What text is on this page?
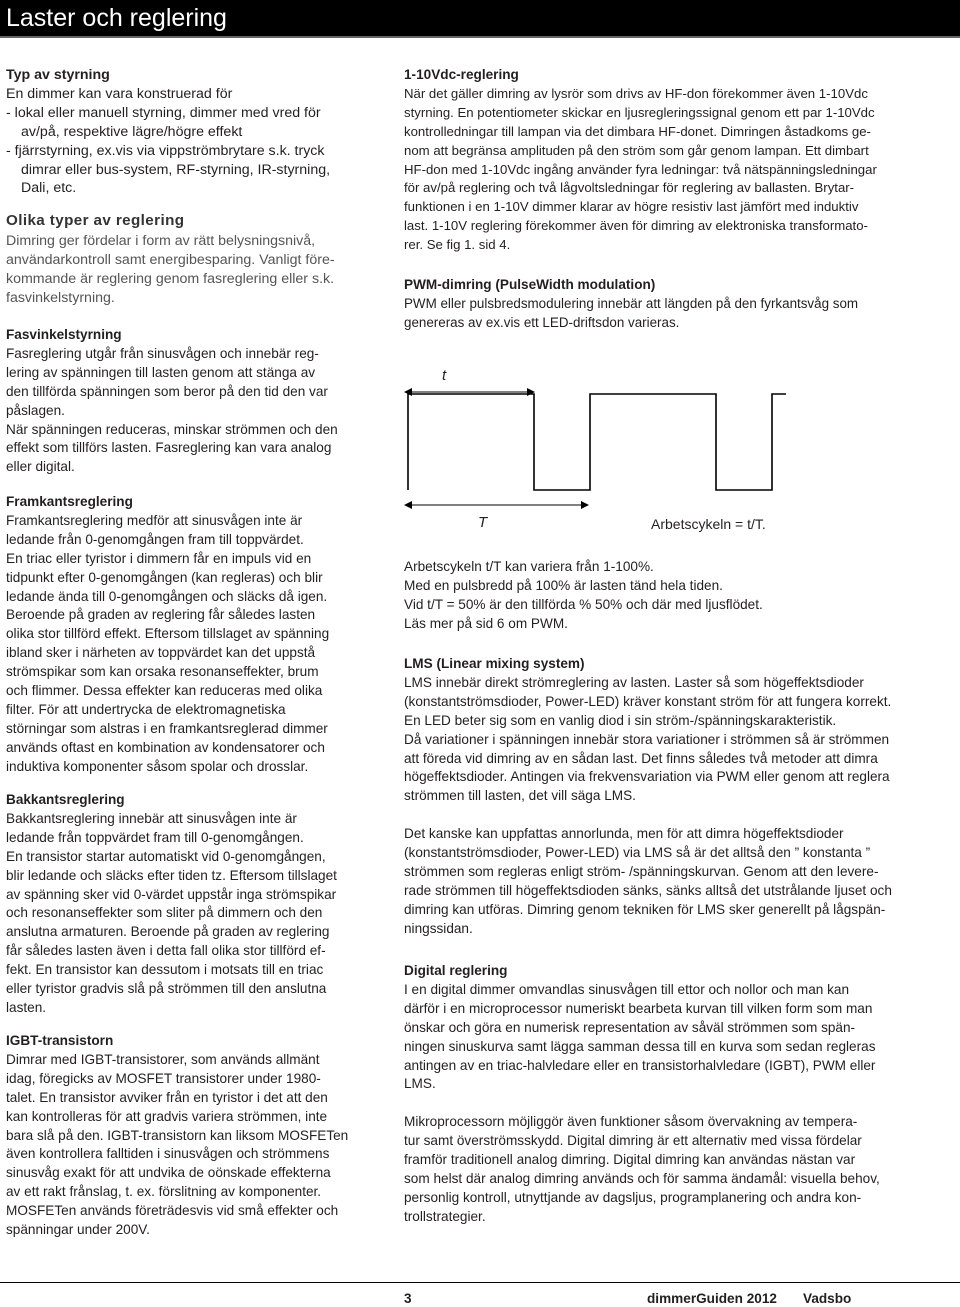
Laster och reglering
Typ av styrning

En dimmer kan vara konstruerad för

- lokal eller manuell styrning, dimmer med vred för

av/på, respektive lägre/högre effekt

- fjärrstyrning, ex.vis via vippströmbrytare s.k. tryck

dimrar eller bus-system, RF-styrning, IR-styrning,

Dali, etc.

Olika typer av reglering

Dimring ger fördelar i form av rätt belysningsnivå,

användarkontroll samt energibesparing. Vanligt före-

kommande är reglering genom fasreglering eller s.k.

fasvinkelstyrning.

Fasvinkelstyrning

Fasreglering utgår från sinusvågen och innebär reg-

lering av spänningen till lasten genom att stänga av

den tillförda spänningen som beror på den tid den var

påslagen.

När spänningen reduceras, minskar strömmen och den

effekt som tillförs lasten. Fasreglering kan vara analog

eller digital.

Framkantsreglering

Framkantsreglering medför att sinusvågen inte är

ledande från 0-genomgången fram till toppvärdet.

En triac eller tyristor i dimmern får en impuls vid en

tidpunkt efter 0-genomgången (kan regleras) och blir

ledande ända till 0-genomgången och släcks då igen.

Beroende på graden av reglering får således lasten

olika stor tillförd effekt. Eftersom tillslaget av spänning

ibland sker i närheten av toppvärdet kan det uppstå

strömspikar som kan orsaka resonanseffekter, brum

och flimmer. Dessa effekter kan reduceras med olika

filter. För att undertrycka de elektromagnetiska

störningar som alstras i en framkantsreglerad dimmer

används oftast en kombination av kondensatorer och

induktiva komponenter såsom spolar och drosslar.

Bakkantsreglering

Bakkantsreglering innebär att sinusvågen inte är

ledande från toppvärdet fram till 0-genomgången.

En transistor startar automatiskt vid 0-genomgången,

blir ledande och släcks efter tiden tz. Eftersom tillslaget

av spänning sker vid 0-värdet uppstår inga strömspikar

och resonanseffekter som sliter på dimmern och den

anslutna armaturen. Beroende på graden av reglering

får således lasten även i detta fall olika stor tillförd ef-

fekt. En transistor kan dessutom i motsats till en triac

eller tyristor gradvis slå på strömmen till den anslutna

lasten.

IGBT-transistorn

Dimrar med IGBT-transistorer, som används allmänt

idag, föregicks av MOSFET transistorer under 1980-

talet. En transistor avviker från en tyristor i det att den

kan kontrolleras för att gradvis variera strömmen, inte

bara slå på den. IGBT-transistorn kan liksom MOSFETen

även kontrollera falltiden i sinusvågen och strömmens

sinusvåg exakt för att undvika de oönskade effekterna

av ett rakt frånslag, t. ex. förslitning av komponenter.

MOSFETen används företrädesvis vid små effekter och

spänningar under 200V.

1-10Vdc-reglering

När det gäller dimring av lysrör som drivs av HF-don förekommer även 1-10Vdc

styrning. En potentiometer skickar en ljusregleringssignal genom ett par 1-10Vdc

kontrolledningar till lampan via det dimbara HF-donet. Dimringen åstadkoms ge-

nom att begränsa amplituden på den ström som går genom lampan. Ett dimbart

HF-don med 1-10Vdc ingång använder fyra ledningar: två nätspänningsledningar

för av/på reglering och två lågvoltsledningar för reglering av ballasten. Brytar-

funktionen i en 1-10V dimmer klarar av högre resistiv last jämfört med induktiv

last. 1-10V reglering förekommer även för dimring av elektroniska transformato-

rer. Se fig 1. sid 4.

PWM-dimring (PulseWidth modulation)

PWM eller pulsbredsmodulering innebär att längden på den fyrkantsvåg som

genereras av ex.vis ett LED-driftsdon varieras.

t
T	Arbetscykeln = t/T.

Arbetscykeln t/T kan variera från 1-100%.

Med en pulsbredd på 100% är lasten tänd hela tiden.

Vid t/T = 50% är den tillförda % 50% och där med ljusflödet.

Läs mer på sid 6 om PWM.

LMS (Linear mixing system)

LMS innebär direkt strömreglering av lasten. Laster så som högeffektsdioder

(konstantströmsdioder, Power-LED) kräver konstant ström för att fungera korrekt.

En LED beter sig som en vanlig diod i sin ström-/spänningskarakteristik.

Då variationer i spänningen innebär stora variationer i strömmen så är strömmen

att föreda vid dimring av en sådan last. Det finns således två metoder att dimra

högeffektsdioder. Antingen via frekvensvariation via PWM eller genom att reglera

strömmen till lasten, det vill säga LMS.

Det kanske kan uppfattas annorlunda, men för att dimra högeffektsdioder

(konstantströmsdioder, Power-LED) via LMS så är det alltså den ” konstanta ”

strömmen som regleras enligt ström- /spänningskurvan. Genom att den levere-

rade strömmen till högeffektsdioden sänks, sänks alltså det utstrålande ljuset och

dimring kan utföras. Dimring genom tekniken för LMS sker generellt på lågspän-

ningssidan.

Digital reglering

I en digital dimmer omvandlas sinusvågen till ettor och nollor och man kan

därför i en microprocessor numeriskt bearbeta kurvan till vilken form som man

önskar och göra en numerisk representation av såväl strömmen som spän-

ningen sinuskurva samt lägga samman dessa till en kurva som sedan regleras

antingen av en triac-halvledare eller en transistorhalvledare (IGBT), PWM eller

LMS.

Mikroprocessorn möjliggör även funktioner såsom övervakning av tempera-

tur samt överströmsskydd. Digital dimring är ett alternativ med vissa fördelar

framför traditionell analog dimring. Digital dimring kan användas nästan var

som helst där analog dimring används och för samma ändamål: visuella behov,

personlig kontroll, utnyttjande av dagsljus, programplanering och andra kon-

trollstrategier.

3	dimmerGuiden 2012 Vadsbo
